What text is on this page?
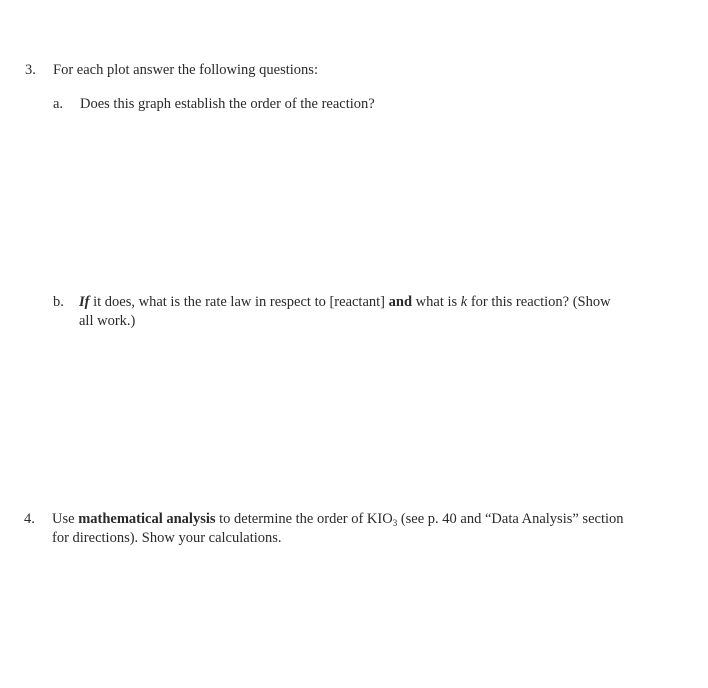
3. For each plot answer the following questions:
a. Does this graph establish the order of the reaction?
b. If it does, what is the rate law in respect to [reactant] and what is k for this reaction? (Show
all work.)
4. Use mathematical analysis to determine the order of $KIO_3$ (see p. 40 and “Data Analysis” section
for directions). Show your calculations.
